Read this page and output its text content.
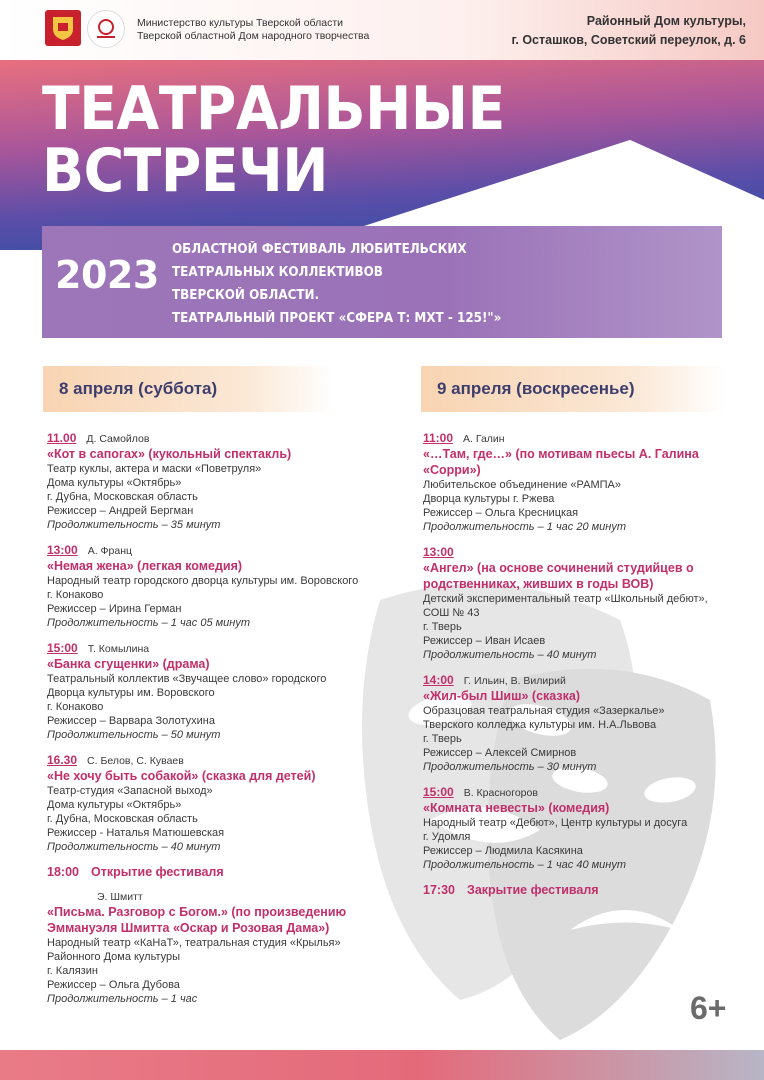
Министерство культуры Тверской области
Тверской областной Дом народного творчества
Районный Дом культуры,
г. Осташков, Советский переулок, д. 6
ТЕАТРАЛЬНЫЕ
ВСТРЕЧИ
2023
ОБЛАСТНОЙ ФЕСТИВАЛЬ ЛЮБИТЕЛЬСКИХ
ТЕАТРАЛЬНЫХ КОЛЛЕКТИВОВ
ТВЕРСКОЙ ОБЛАСТИ.
ТЕАТРАЛЬНЫЙ ПРОЕКТ «СФЕРА Т: МХТ - 125!"»
8 апреля (суббота)	9 апреля (воскресенье)
11.00 Д. Самойлов
«Кот в сапогах» (кукольный спектакль)
Театр куклы, актера и маски «Поветруля»
Дома культуры «Октябрь»
г. Дубна, Московская область
Режиссер – Андрей Бергман
Продолжительность – 35 минут
13:00 А. Франц
«Немая жена» (легкая комедия)
Народный театр городского дворца культуры им. Воровского
г. Конаково
Режиссер – Ирина Герман
Продолжительность – 1 час 05 минут
15:00 Т. Комылина
«Банка сгущенки» (драма)
Театральный коллектив «Звучащее слово» городского
Дворца культуры им. Воровского
г. Конаково
Режиссер – Варвара Золотухина
Продолжительность – 50 минут
16.30 С. Белов, С. Куваев
«Не хочу быть собакой» (сказка для детей)
Театр-студия «Запасной выход»
Дома культуры «Октябрь»
г. Дубна, Московская область
Режиссер - Наталья Матюшевская
Продолжительность – 40 минут
18:00 Открытие фестиваля
Э. Шмитт
«Письма. Разговор с Богом.» (по произведению
Эммануэля Шмитта «Оскар и Розовая Дама»)
Народный театр «КаНаТ», театральная студия «Крылья»
Районного Дома культуры
г. Калязин
Режиссер – Ольга Дубова
Продолжительность – 1 час
11:00 А. Галин
«…Там, где…» (по мотивам пьесы А. Галина
«Сорри»)
Любительское объединение «РАМПА»
Дворца культуры г. Ржева
Режиссер – Ольга Кресницкая
Продолжительность – 1 час 20 минут
13:00
«Ангел» (на основе сочинений студийцев о
родственниках, живших в годы ВОВ)
Детский экспериментальный театр «Школьный дебют»,
СОШ № 43
г. Тверь
Режиссер – Иван Исаев
Продолжительность – 40 минут
14:00 Г. Ильин, В. Вилирий
«Жил-был Шиш» (сказка)
Образцовая театральная студия «Зазеркалье»
Тверского колледжа культуры им. Н.А.Львова
г. Тверь
Режиссер – Алексей Смирнов
Продолжительность – 30 минут
15:00 В. Красногоров
«Комната невесты» (комедия)
Народный театр «Дебют», Центр культуры и досуга
г. Удомля
Режиссер – Людмила Касякина
Продолжительность – 1 час 40 минут
17:30 Закрытие фестиваля
6+
